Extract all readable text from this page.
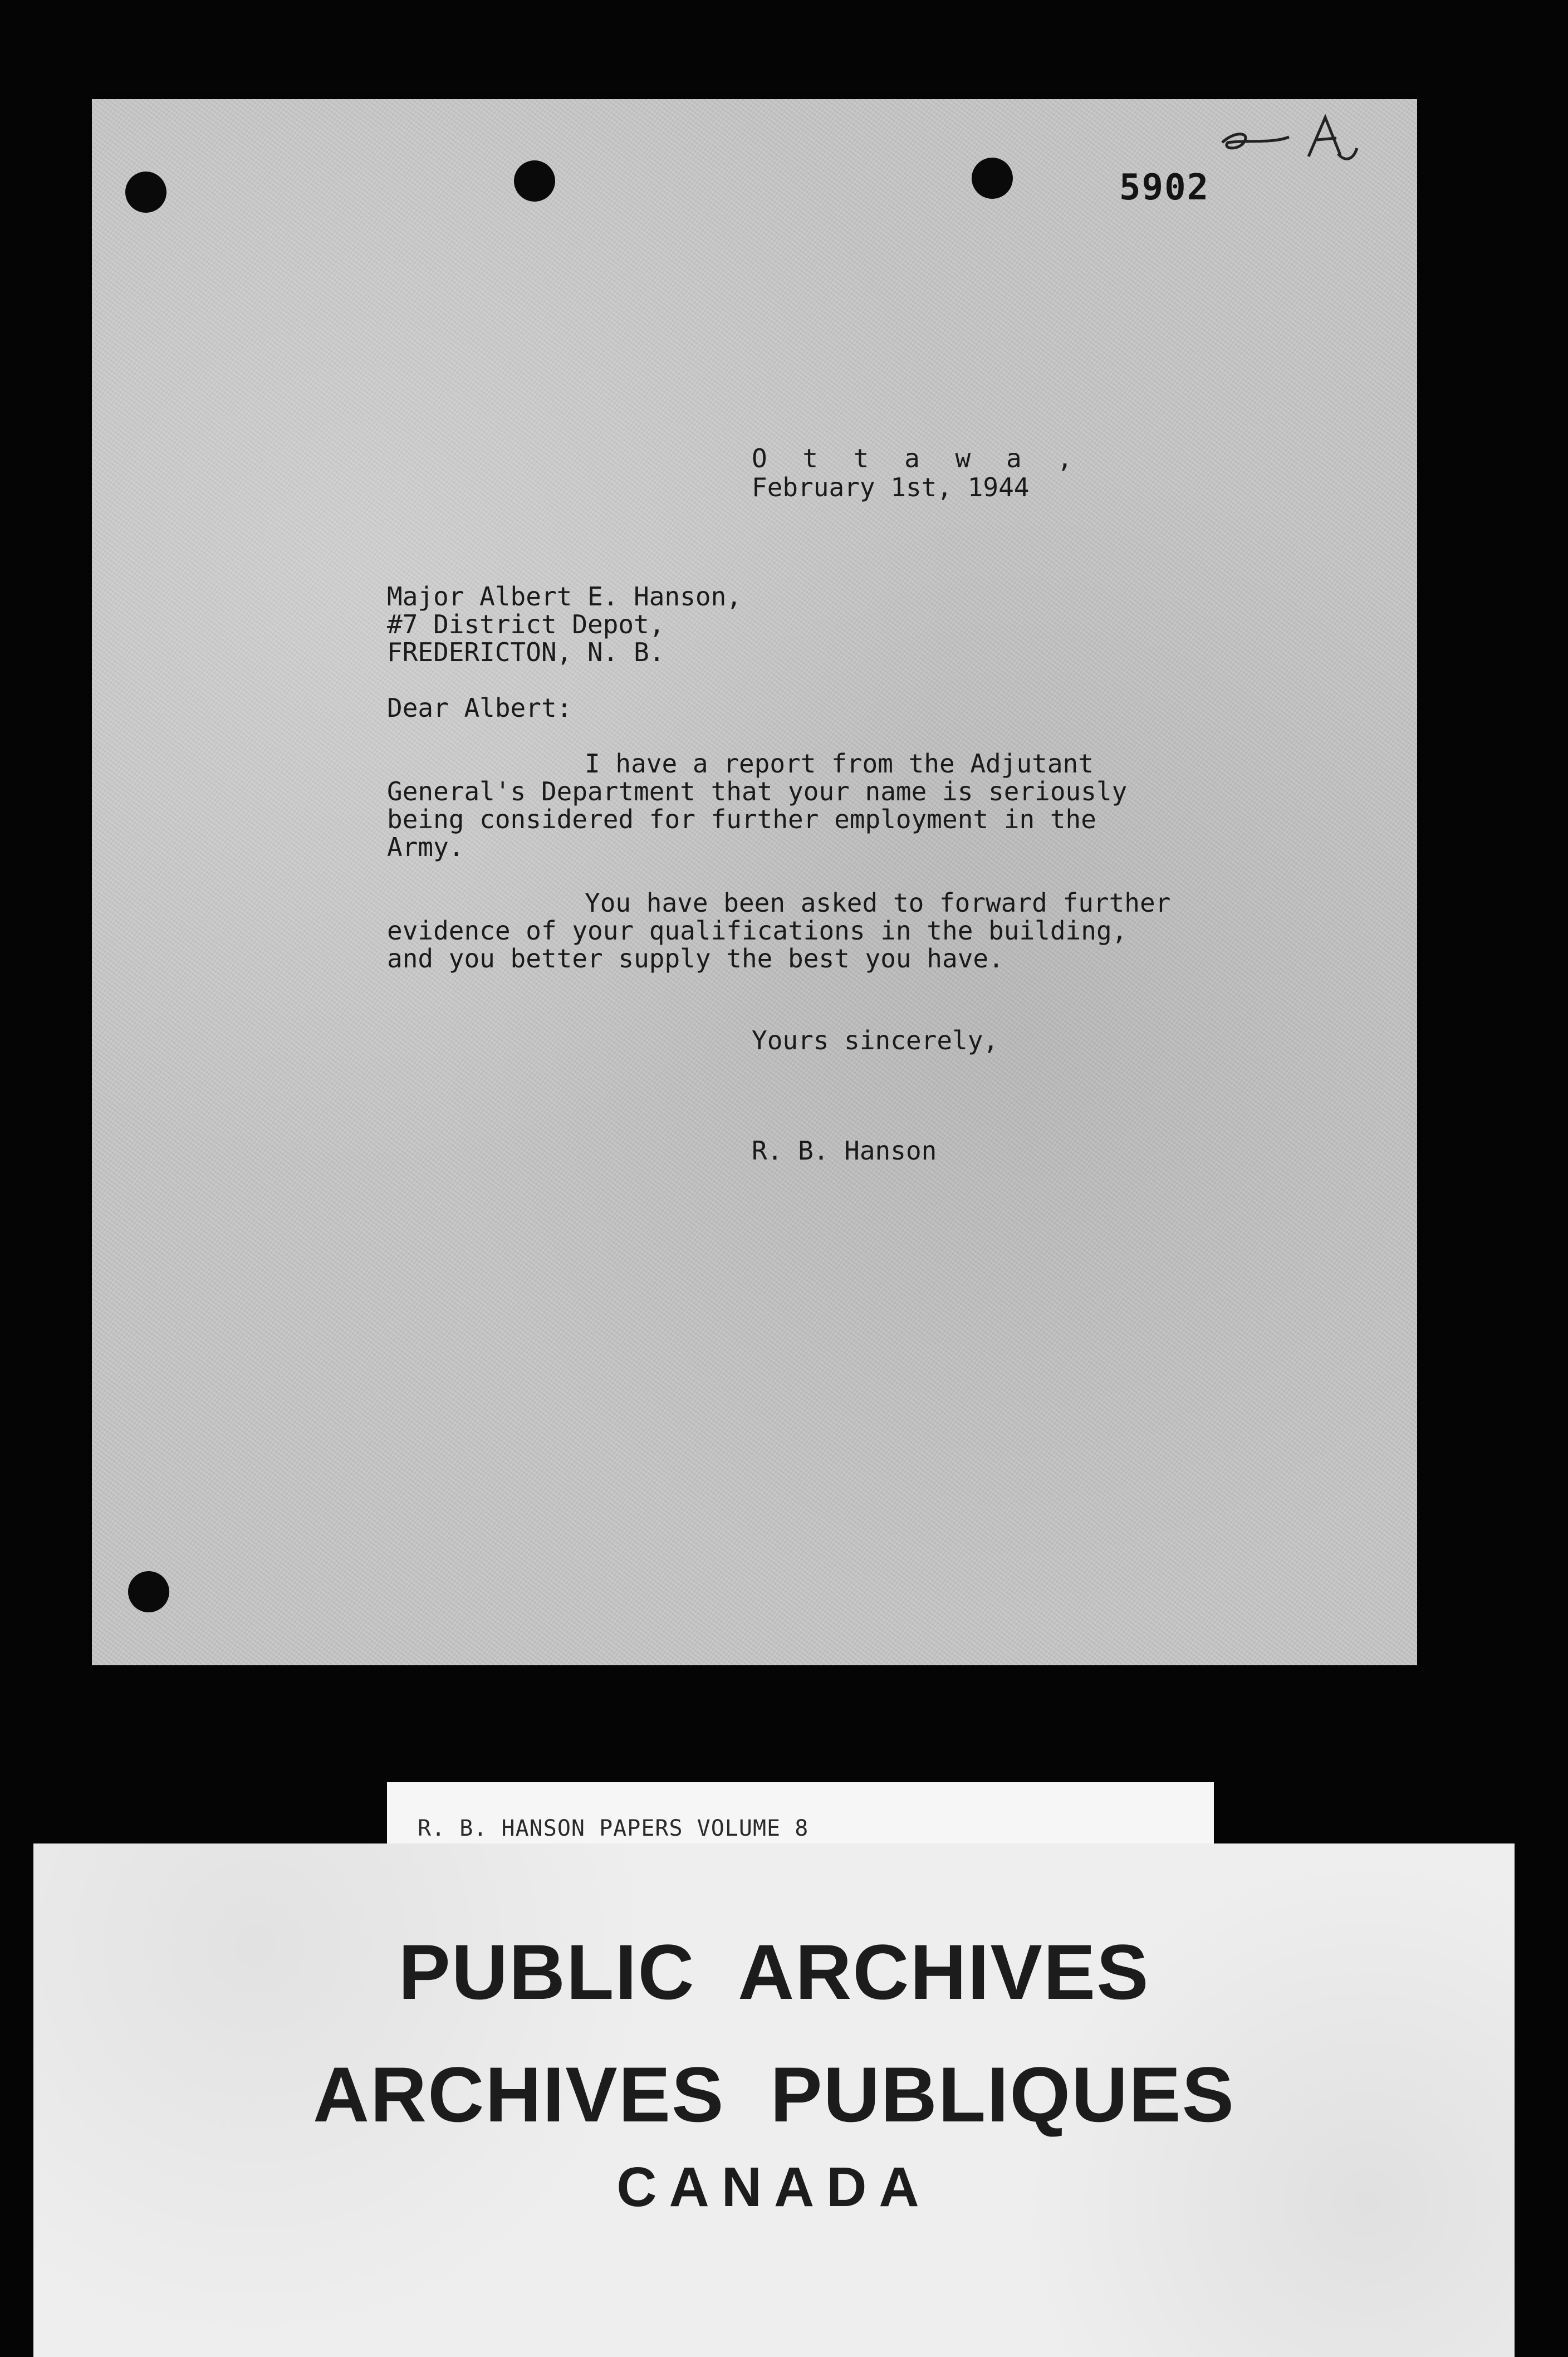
5902
O t t a w a ,
February 1st, 1944
Major Albert E. Hanson,
#7 District Depot,
FREDERICTON, N. B.
Dear Albert:
I have a report from the Adjutant
General's Department that your name is seriously
being considered for further employment in the
Army.
You have been asked to forward further
evidence of your qualifications in the building,
and you better supply the best you have.
Yours sincerely,
R. B. Hanson
R. B. HANSON PAPERS VOLUME 8
PUBLIC  ARCHIVES
ARCHIVES  PUBLIQUES
CANADA
